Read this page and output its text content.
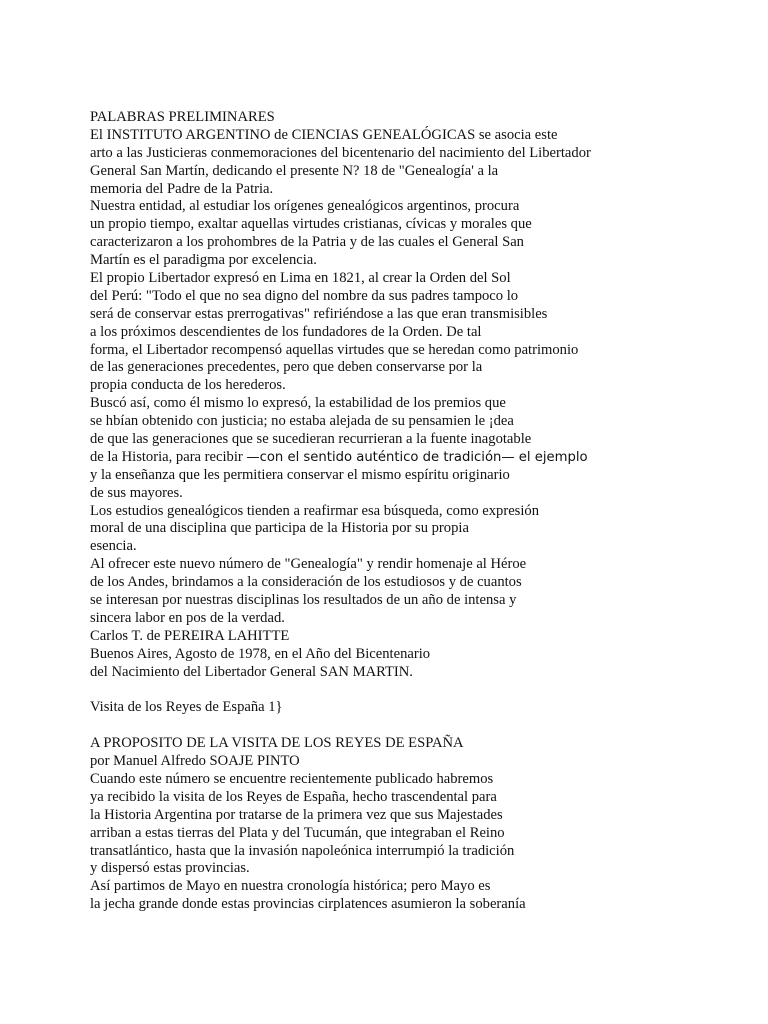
PALABRAS PRELIMINARES
El INSTITUTO ARGENTINO de CIENCIAS GENEALÓGICAS se asocia este
arto a las Justicieras conmemoraciones del bicentenario del nacimiento del Libertador
General San Martín, dedicando el presente N? 18 de "Genealogía' a la
memoria del Padre de la Patria.
Nuestra entidad, al estudiar los orígenes genealógicos argentinos, procura
un propio tiempo, exaltar aquellas virtudes cristianas, cívicas y morales que
caracterizaron a los prohombres de la Patria y de las cuales el General San
Martín es el paradigma por excelencia.
El propio Libertador expresó en Lima en 1821, al crear la Orden del Sol
del Perú: "Todo el que no sea digno del nombre da sus padres tampoco lo
será de conservar estas prerrogativas" refiriéndose a las que eran transmisibles
a los próximos descendientes de los fundadores de la Orden. De tal
forma, el Libertador recompensó aquellas virtudes que se heredan como patrimonio
de las generaciones precedentes, pero que deben conservarse por la
propia conducta de los herederos.
Buscó así, como él mismo lo expresó, la estabilidad de los premios que
se hbían obtenido con justicia; no estaba alejada de su pensamien le ¡dea
de que las generaciones que se sucedieran recurrieran a la fuente inagotable
de la Historia, para recibir —con el sentido auténtico de tradición— el ejemplo
y la enseñanza que les permitiera conservar el mismo espíritu originario
de sus mayores.
Los estudios genealógicos tienden a reafirmar esa búsqueda, como expresión
moral de una disciplina que participa de la Historia por su propia
esencia.
Al ofrecer este nuevo número de "Genealogía" y rendir homenaje al Héroe
de los Andes, brindamos a la consideración de los estudiosos y de cuantos
se interesan por nuestras disciplinas los resultados de un año de intensa y
sincera labor en pos de la verdad.
Carlos T. de PEREIRA LAHITTE
Buenos Aires, Agosto de 1978, en el Año del Bicentenario
del Nacimiento del Libertador General SAN MARTIN.
Visita de los Reyes de España 1}
A PROPOSITO DE LA VISITA DE LOS REYES DE ESPAÑA
por Manuel Alfredo SOAJE PINTO
Cuando este número se encuentre recientemente publicado habremos
ya recibido la visita de los Reyes de España, hecho trascendental para
la Historia Argentina por tratarse de la primera vez que sus Majestades
arriban a estas tierras del Plata y del Tucumán, que integraban el Reino
transatlántico, hasta que la invasión napoleónica interrumpió la tradición
y dispersó estas provincias.
Así partimos de Mayo en nuestra cronología histórica; pero Mayo es
la jecha grande donde estas provincias cirplatences asumieron la soberanía
